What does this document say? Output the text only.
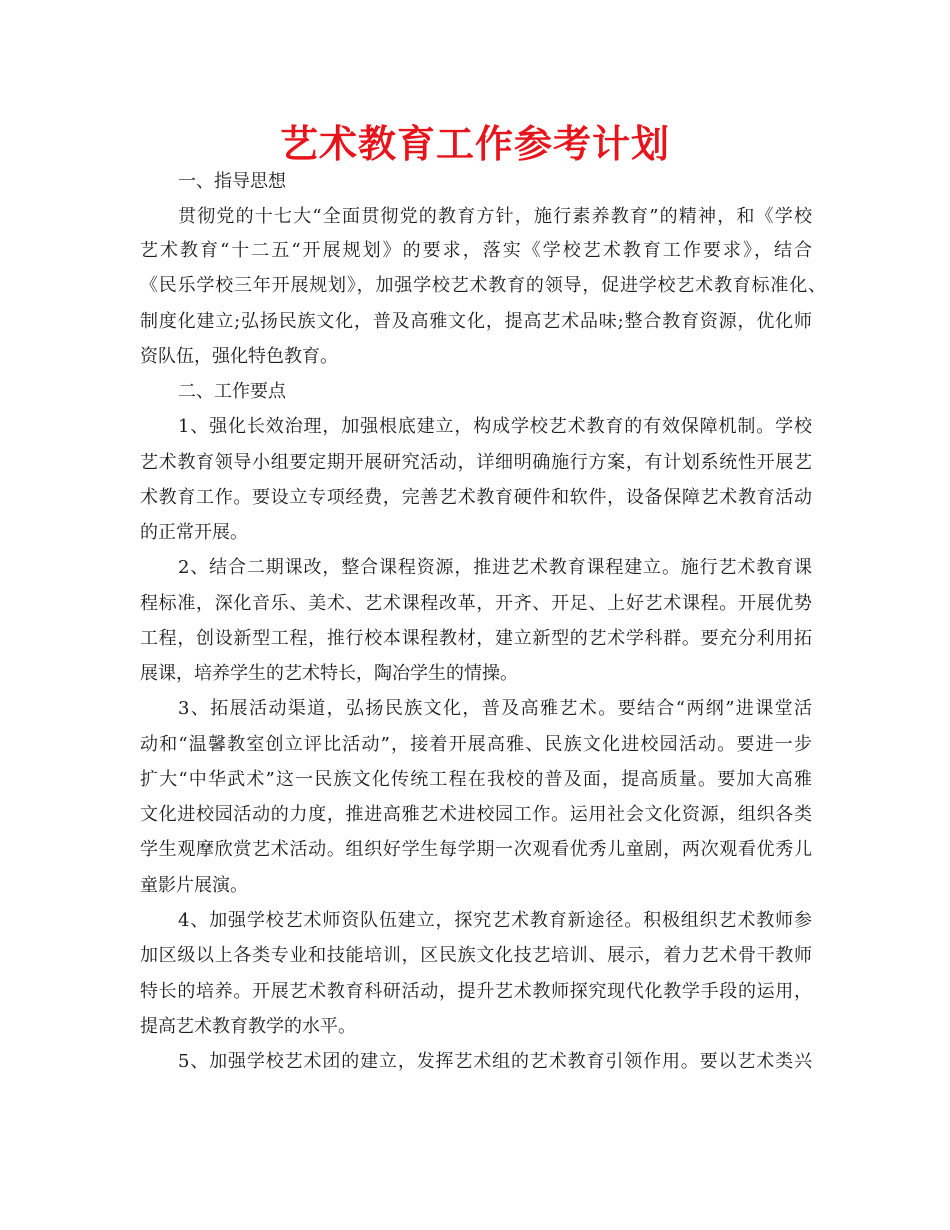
艺术教育工作参考计划
一、指导思想
贯彻党的十七大“全面贯彻党的教育方针，施行素养教育”的精神，和《学校
艺术教育“十二五“开展规划》的要求，落实《学校艺术教育工作要求》，结合
《民乐学校三年开展规划》，加强学校艺术教育的领导，促进学校艺术教育标准化、
制度化建立;弘扬民族文化，普及高雅文化，提高艺术品味;整合教育资源，优化师
资队伍，强化特色教育。
二、工作要点
1、强化长效治理，加强根底建立，构成学校艺术教育的有效保障机制。学校
艺术教育领导小组要定期开展研究活动，详细明确施行方案，有计划系统性开展艺
术教育工作。要设立专项经费，完善艺术教育硬件和软件，设备保障艺术教育活动
的正常开展。
2、结合二期课改，整合课程资源，推进艺术教育课程建立。施行艺术教育课
程标准，深化音乐、美术、艺术课程改革，开齐、开足、上好艺术课程。开展优势
工程，创设新型工程，推行校本课程教材，建立新型的艺术学科群。要充分利用拓
展课，培养学生的艺术特长，陶冶学生的情操。
3、拓展活动渠道，弘扬民族文化，普及高雅艺术。要结合“两纲”进课堂活
动和“温馨教室创立评比活动”，接着开展高雅、民族文化进校园活动。要进一步
扩大“中华武术”这一民族文化传统工程在我校的普及面，提高质量。要加大高雅
文化进校园活动的力度，推进高雅艺术进校园工作。运用社会文化资源，组织各类
学生观摩欣赏艺术活动。组织好学生每学期一次观看优秀儿童剧，两次观看优秀儿
童影片展演。
4、加强学校艺术师资队伍建立，探究艺术教育新途径。积极组织艺术教师参
加区级以上各类专业和技能培训，区民族文化技艺培训、展示，着力艺术骨干教师
特长的培养。开展艺术教育科研活动，提升艺术教师探究现代化教学手段的运用，
提高艺术教育教学的水平。
5、加强学校艺术团的建立，发挥艺术组的艺术教育引领作用。要以艺术类兴
